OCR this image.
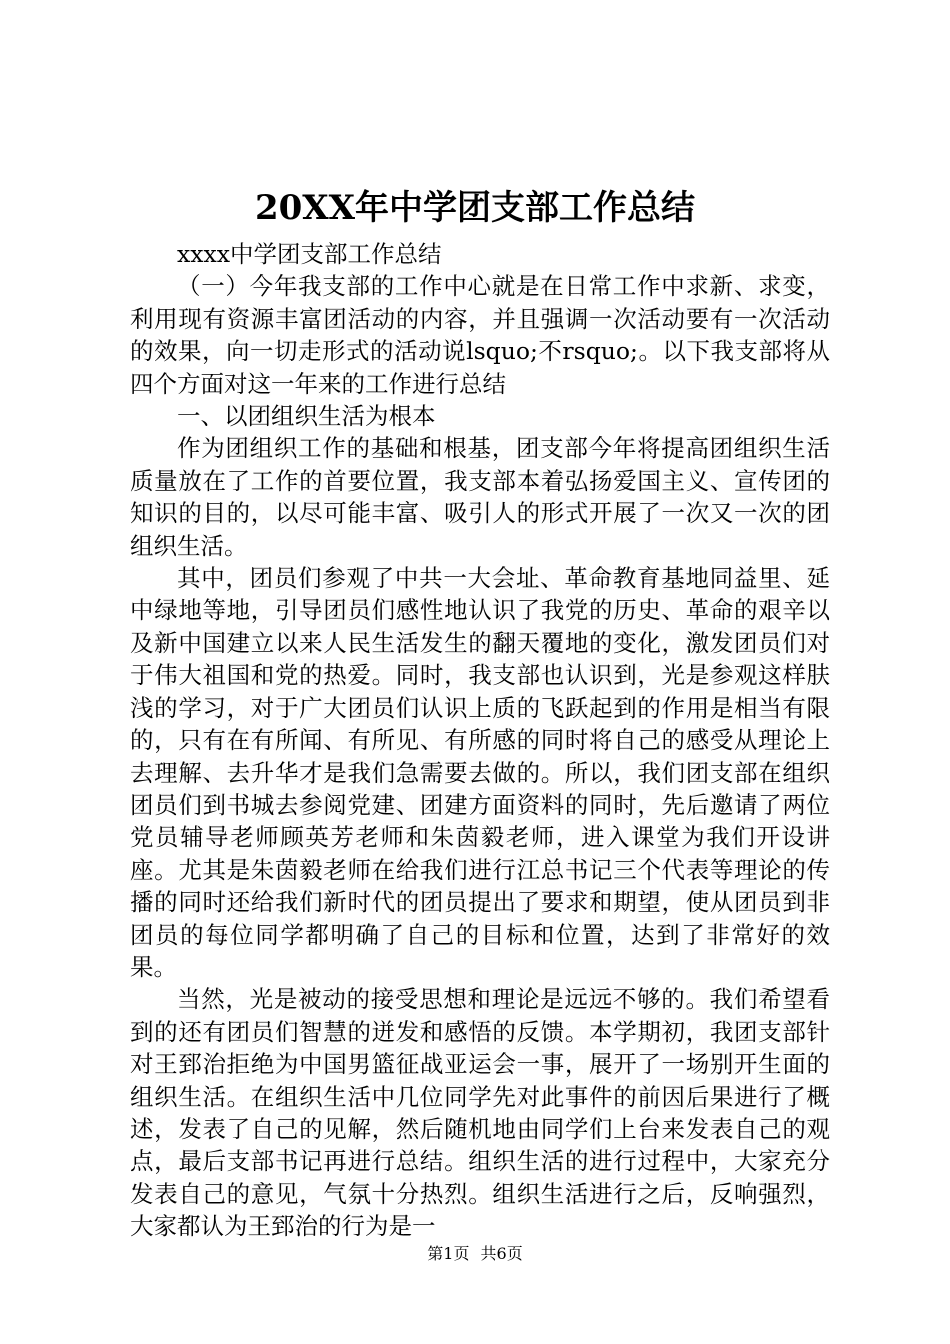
20XX年中学团支部工作总结

xxxx中学团支部工作总结

（一）今年我支部的工作中心就是在日常工作中求新、求变，利用现有资源丰富团活动的内容，并且强调一次活动要有一次活动的效果，向一切走形式的活动说lsquo;不rsquo;。以下我支部将从四个方面对这一年来的工作进行总结

一、以团组织生活为根本

作为团组织工作的基础和根基，团支部今年将提高团组织生活质量放在了工作的首要位置，我支部本着弘扬爱国主义、宣传团的知识的目的，以尽可能丰富、吸引人的形式开展了一次又一次的团组织生活。

其中，团员们参观了中共一大会址、革命教育基地同益里、延中绿地等地，引导团员们感性地认识了我党的历史、革命的艰辛以及新中国建立以来人民生活发生的翻天覆地的变化，激发团员们对于伟大祖国和党的热爱。同时，我支部也认识到，光是参观这样肤浅的学习，对于广大团员们认识上质的飞跃起到的作用是相当有限的，只有在有所闻、有所见、有所感的同时将自己的感受从理论上去理解、去升华才是我们急需要去做的。所以，我们团支部在组织团员们到书城去参阅党建、团建方面资料的同时，先后邀请了两位党员辅导老师顾英芳老师和朱茵毅老师，进入课堂为我们开设讲座。尤其是朱茵毅老师在给我们进行江总书记三个代表等理论的传播的同时还给我们新时代的团员提出了要求和期望，使从团员到非团员的每位同学都明确了自己的目标和位置，达到了非常好的效果。

当然，光是被动的接受思想和理论是远远不够的。我们希望看到的还有团员们智慧的迸发和感悟的反馈。本学期初，我团支部针对王郅治拒绝为中国男篮征战亚运会一事，展开了一场别开生面的组织生活。在组织生活中几位同学先对此事件的前因后果进行了概述，发表了自己的见解，然后随机地由同学们上台来发表自己的观点，最后支部书记再进行总结。组织生活的进行过程中，大家充分发表自己的意见，气氛十分热烈。组织生活进行之后，反响强烈，大家都认为王郅治的行为是一

第1页 共6页
